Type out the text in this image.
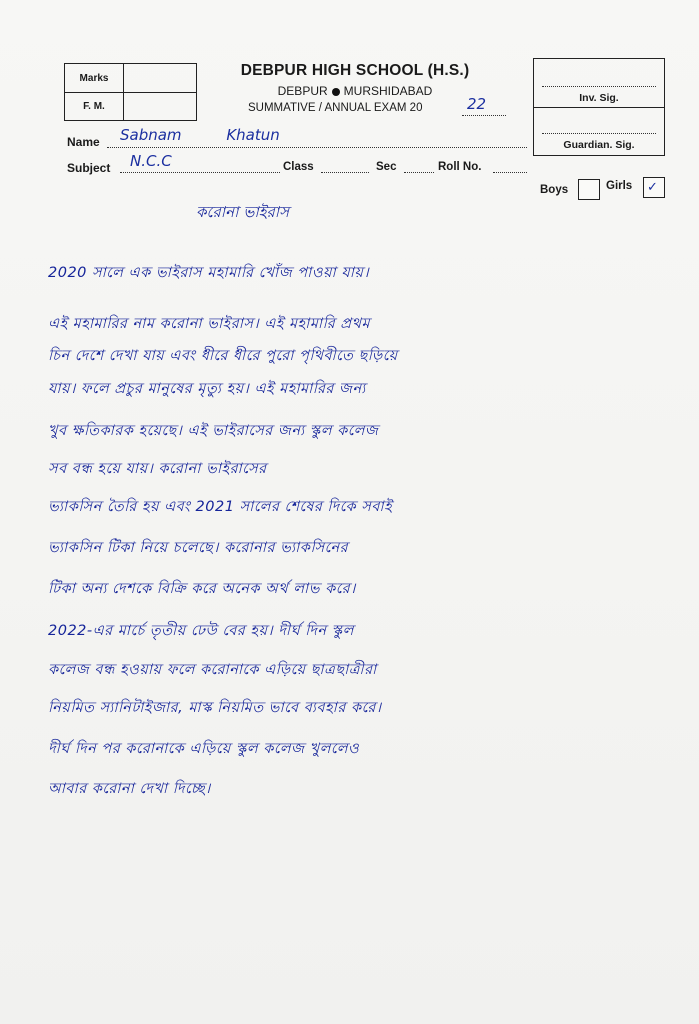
Marks
F. M.
DEBPUR HIGH SCHOOL (H.S.)
DEBPUR MURSHIDABAD
SUMMATIVE / ANNUAL EXAM 20	22	Inv. Sig.
Guardian. Sig.
Name Sabnam Khatun
Subject N.C.C	Class	Sec	Roll No.
Boys	Girls ✓
করোনা ভাইরাস
2020 সালে এক ভাইরাস মহামারি খোঁজ পাওয়া যায়।
এই মহামারির নাম করোনা ভাইরাস। এই মহামারি প্রথম
চিন দেশে দেখা যায় এবং ধীরে ধীরে পুরো পৃথিবীতে ছড়িয়ে
যায়। ফলে প্রচুর মানুষের মৃত্যু হয়। এই মহামারির জন্য
খুব ক্ষতিকারক হয়েছে। এই ভাইরাসের জন্য স্কুল কলেজ
সব বন্ধ হয়ে যায়। করোনা ভাইরাসের
ভ্যাকসিন তৈরি হয় এবং 2021 সালের শেষের দিকে সবাই
ভ্যাকসিন টিকা নিয়ে চলেছে। করোনার ভ্যাকসিনের
টিকা অন্য দেশকে বিক্রি করে অনেক অর্থ লাভ করে।
2022-এর মার্চে তৃতীয় ঢেউ বের হয়। দীর্ঘ দিন স্কুল
কলেজ বন্ধ হওয়ায় ফলে করোনাকে এড়িয়ে ছাত্রছাত্রীরা
নিয়মিত স্যানিটাইজার, মাস্ক নিয়মিত ভাবে ব্যবহার করে।
দীর্ঘ দিন পর করোনাকে এড়িয়ে স্কুল কলেজ খুললেও
আবার করোনা দেখা দিচ্ছে।
